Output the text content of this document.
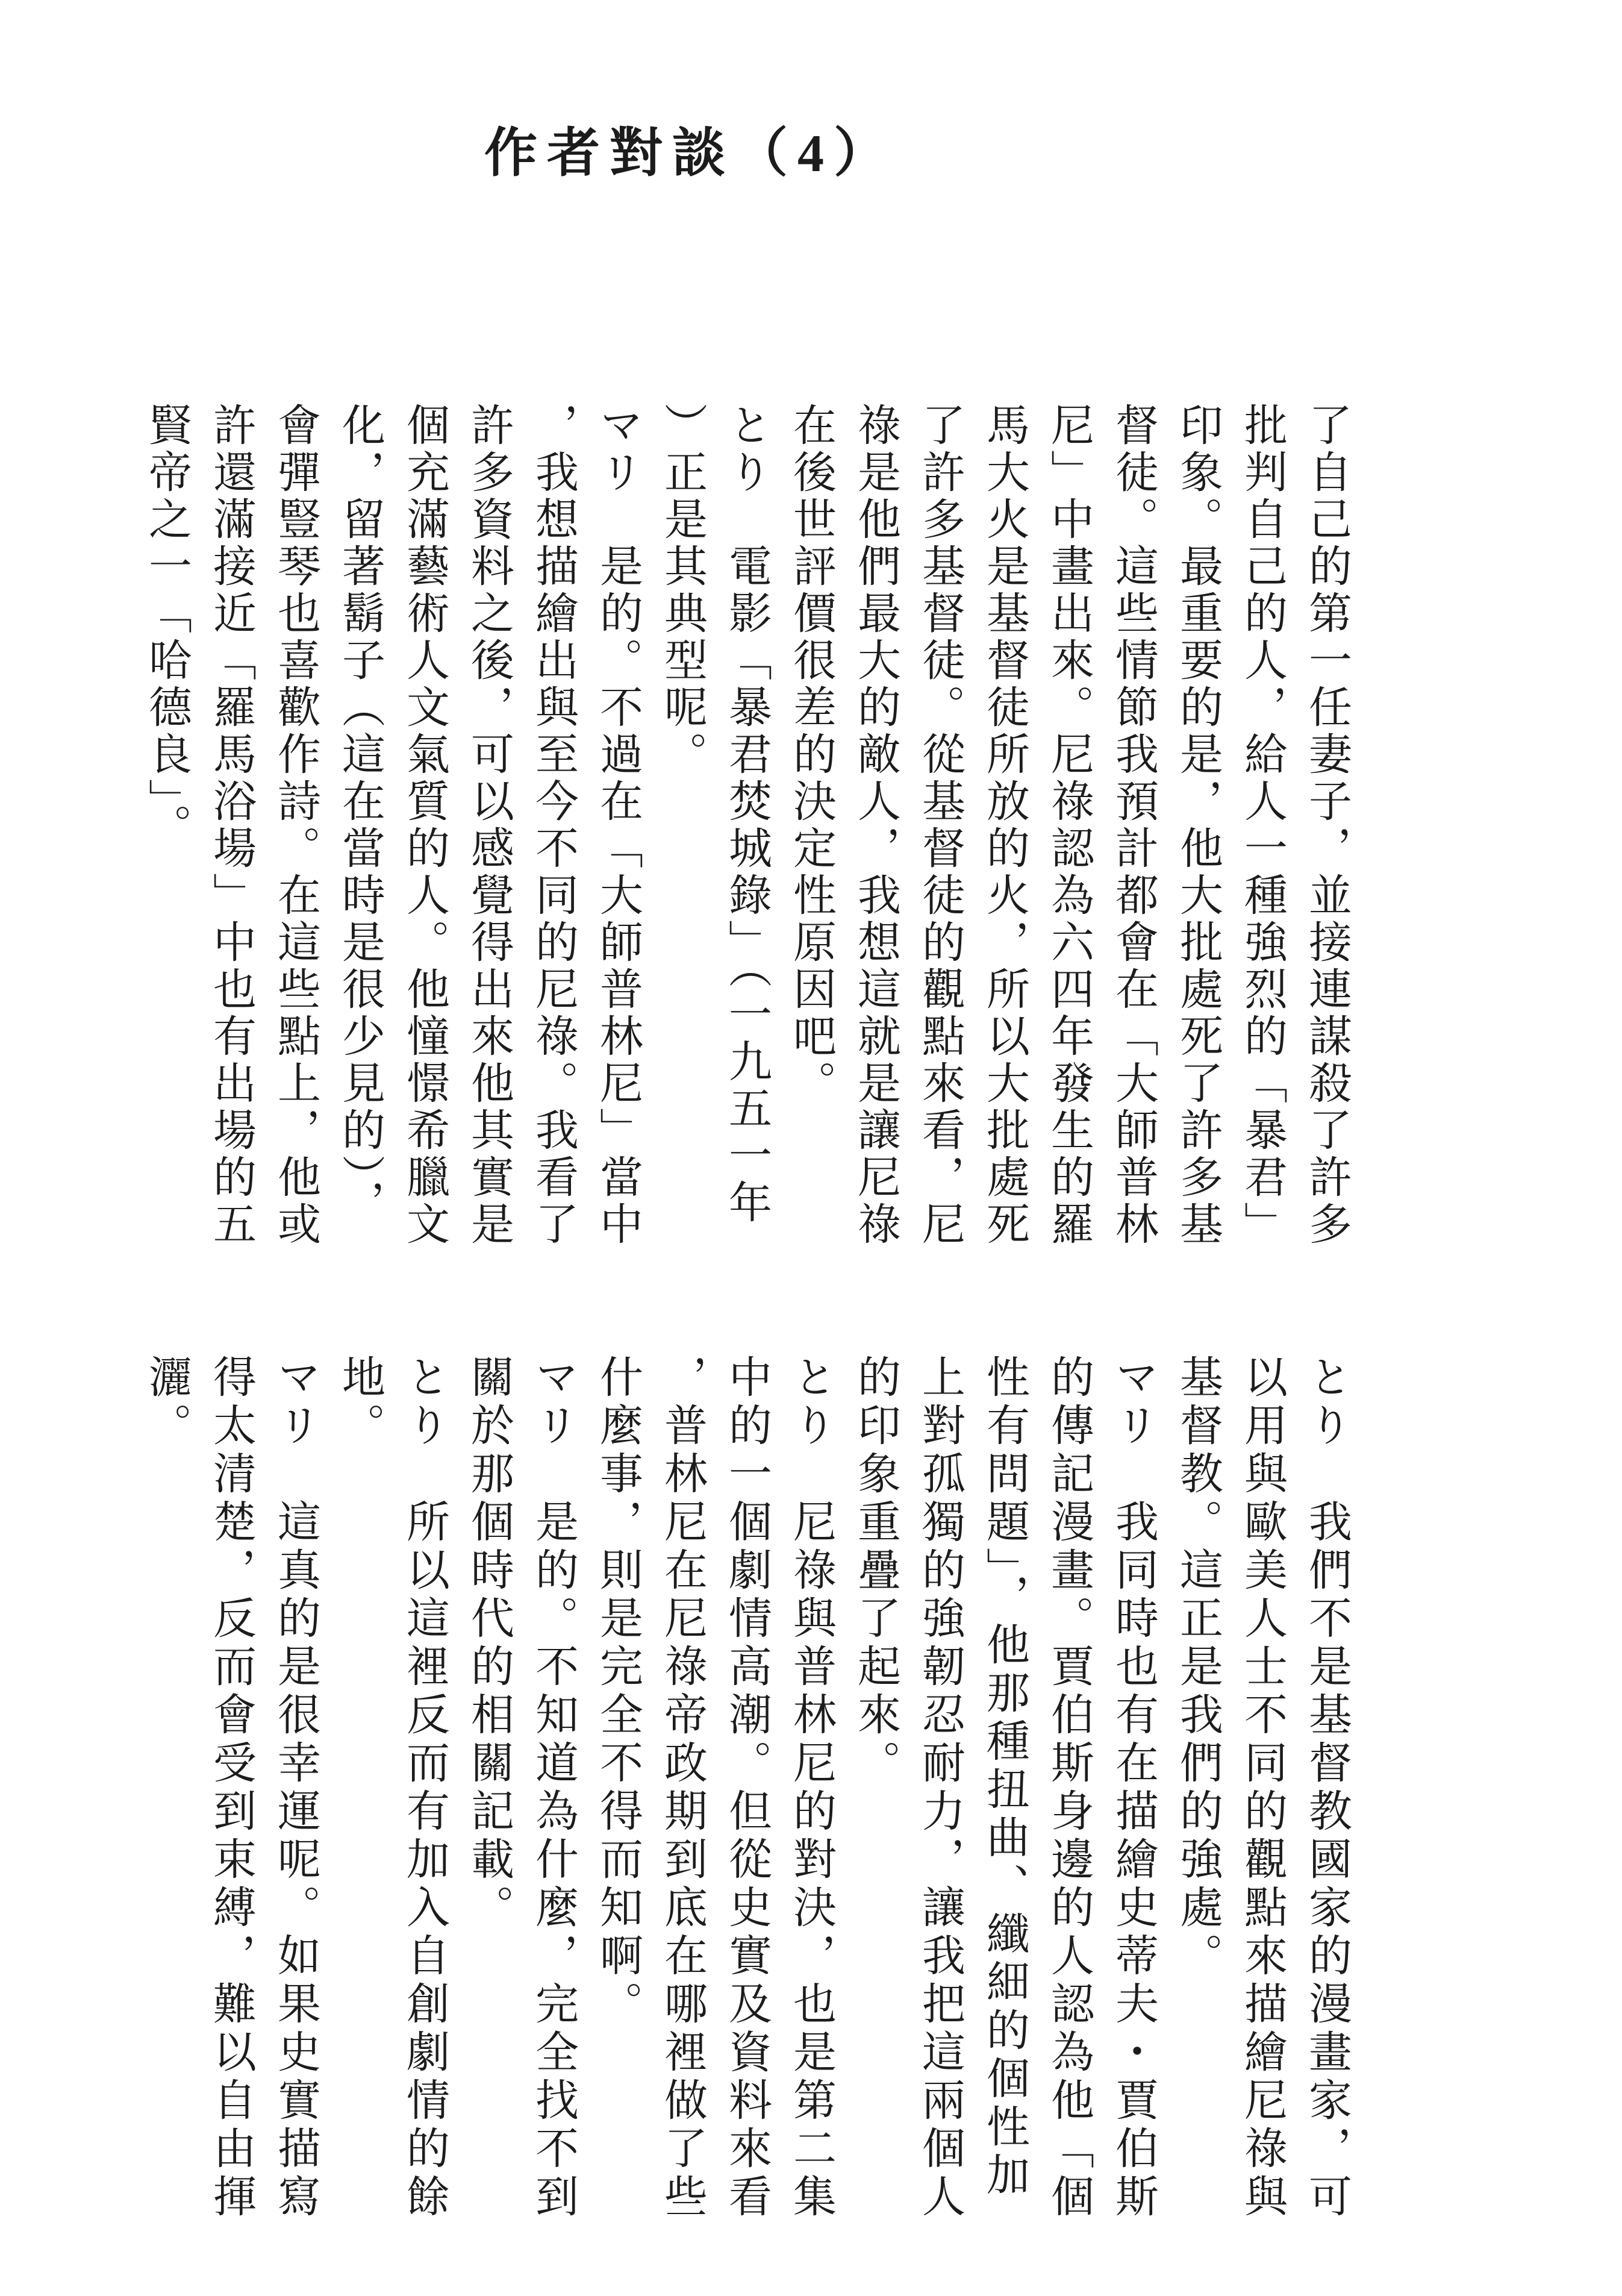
作者對談（4）

了自己的第一任妻子，並接連謀殺了許多

批判自己的人，給人一種強烈的「暴君」

印象。最重要的是，他大批處死了許多基

督徒。這些情節我預計都會在「大師普林

尼」中畫出來。尼祿認為六四年發生的羅

馬大火是基督徒所放的火，所以大批處死

了許多基督徒。從基督徒的觀點來看，尼

祿是他們最大的敵人，我想這就是讓尼祿

在後世評價很差的決定性原因吧。

とり　電影「暴君焚城錄」（一九五一年

）正是其典型呢。

マリ　是的。不過在「大師普林尼」當中

，我想描繪出與至今不同的尼祿。我看了

許多資料之後，可以感覺得出來他其實是

個充滿藝術人文氣質的人。他憧憬希臘文

化，留著鬍子（這在當時是很少見的），

會彈豎琴也喜歡作詩。在這些點上，他或

許還滿接近「羅馬浴場」中也有出場的五

賢帝之一「哈德良」。

とり　我們不是基督教國家的漫畫家，可

以用與歐美人士不同的觀點來描繪尼祿與

基督教。這正是我們的強處。

マリ　我同時也有在描繪史蒂夫・賈伯斯

的傳記漫畫。賈伯斯身邊的人認為他「個

性有問題」，他那種扭曲、纖細的個性加

上對孤獨的強韌忍耐力，讓我把這兩個人

的印象重疊了起來。

とり　尼祿與普林尼的對決，也是第二集

中的一個劇情高潮。但從史實及資料來看

，普林尼在尼祿帝政期到底在哪裡做了些

什麼事，則是完全不得而知啊。

マリ　是的。不知道為什麼，完全找不到

關於那個時代的相關記載。

とり　所以這裡反而有加入自創劇情的餘

地。

マリ　這真的是很幸運呢。如果史實描寫

得太清楚，反而會受到束縛，難以自由揮

灑。
